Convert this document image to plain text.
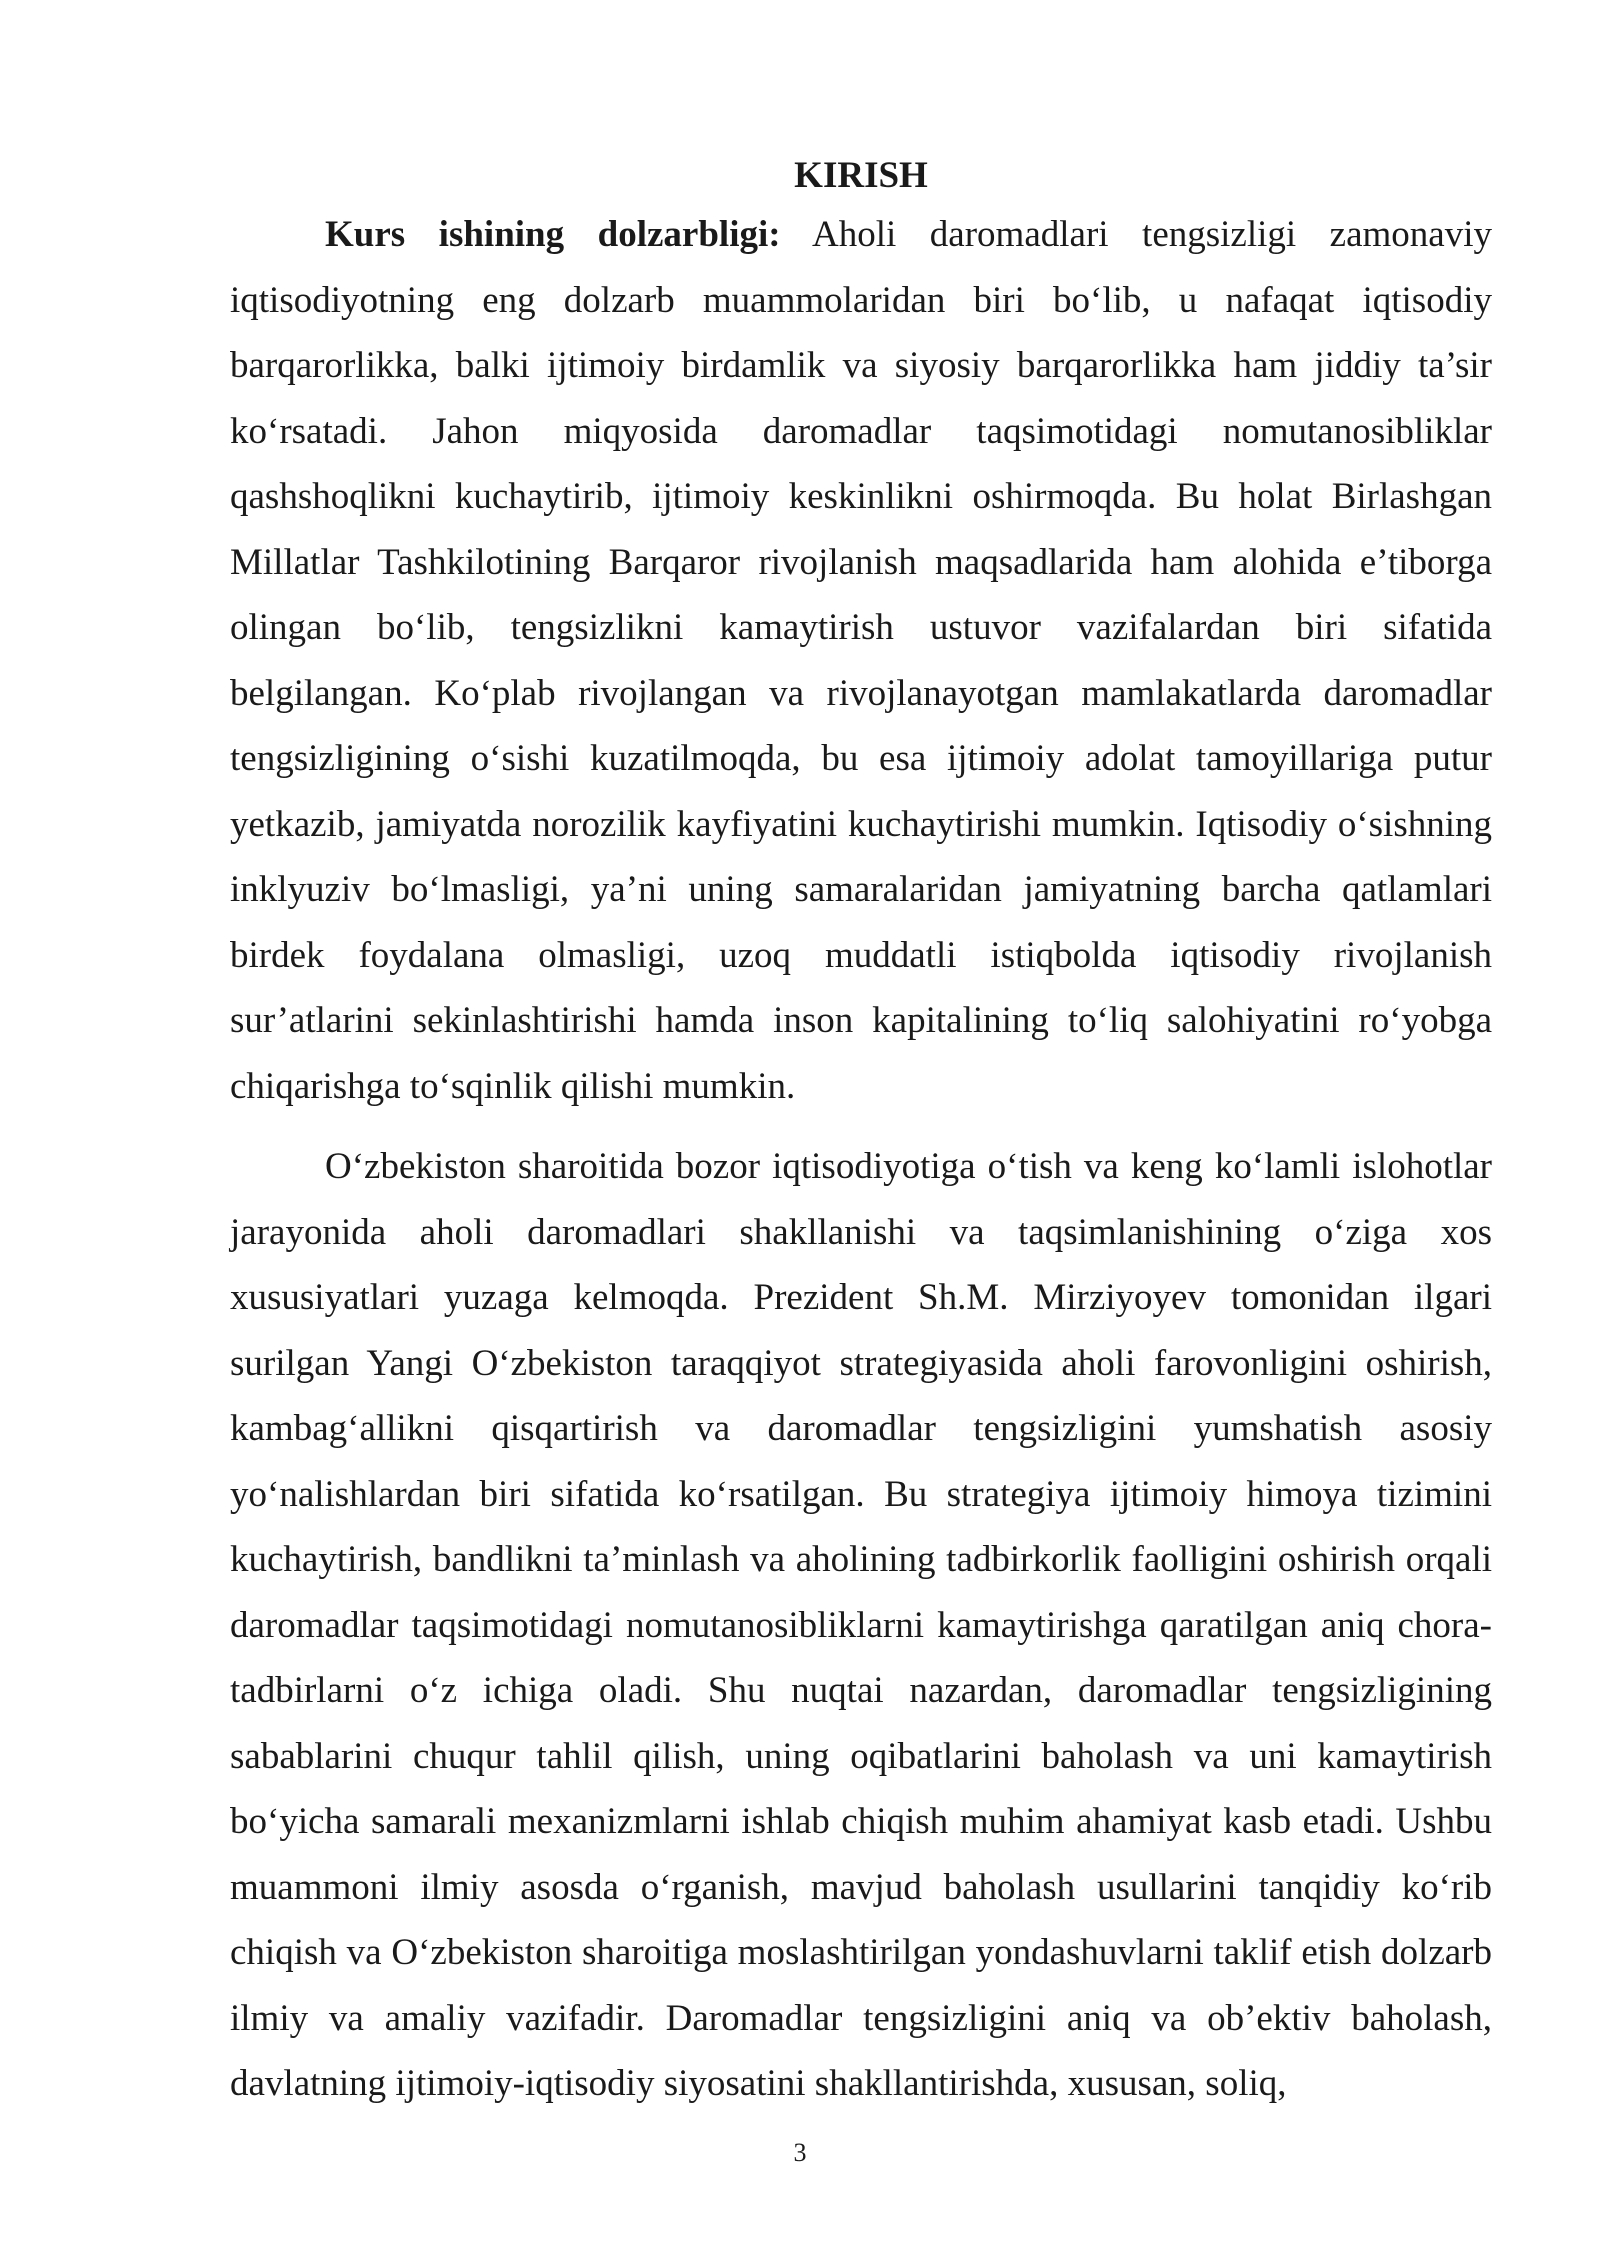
KIRISH

Kurs ishining dolzarbligi: Aholi daromadlari tengsizligi zamonaviy iqtisodiyotning eng dolzarb muammolaridan biri bo‘lib, u nafaqat iqtisodiy barqarorlikka, balki ijtimoiy birdamlik va siyosiy barqarorlikka ham jiddiy ta’sir ko‘rsatadi. Jahon miqyosida daromadlar taqsimotidagi nomutanosibliklar qashshoqlikni kuchaytirib, ijtimoiy keskinlikni oshirmoqda. Bu holat Birlashgan Millatlar Tashkilotining Barqaror rivojlanish maqsadlarida ham alohida e’tiborga olingan bo‘lib, tengsizlikni kamaytirish ustuvor vazifalardan biri sifatida belgilangan. Ko‘plab rivojlangan va rivojlanayotgan mamlakatlarda daromadlar tengsizligining o‘sishi kuzatilmoqda, bu esa ijtimoiy adolat tamoyillariga putur yetkazib, jamiyatda norozilik kayfiyatini kuchaytirishi mumkin. Iqtisodiy o‘sishning inklyuziv bo‘lmasligi, ya’ni uning samaralaridan jamiyatning barcha qatlamlari birdek foydalana olmasligi, uzoq muddatli istiqbolda iqtisodiy rivojlanish sur’atlarini sekinlashtirishi hamda inson kapitalining to‘liq salohiyatini ro‘yobga chiqarishga to‘sqinlik qilishi mumkin.

O‘zbekiston sharoitida bozor iqtisodiyotiga o‘tish va keng ko‘lamli islohotlar jarayonida aholi daromadlari shakllanishi va taqsimlanishining o‘ziga xos xususiyatlari yuzaga kelmoqda. Prezident Sh.M. Mirziyoyev tomonidan ilgari surilgan Yangi O‘zbekiston taraqqiyot strategiyasida aholi farovonligini oshirish, kambag‘allikni qisqartirish va daromadlar tengsizligini yumshatish asosiy yo‘nalishlardan biri sifatida ko‘rsatilgan. Bu strategiya ijtimoiy himoya tizimini kuchaytirish, bandlikni ta’minlash va aholining tadbirkorlik faolligini oshirish orqali daromadlar taqsimotidagi nomutanosibliklarni kamaytirishga qaratilgan aniq chora-tadbirlarni o‘z ichiga oladi. Shu nuqtai nazardan, daromadlar tengsizligining sabablarini chuqur tahlil qilish, uning oqibatlarini baholash va uni kamaytirish bo‘yicha samarali mexanizmlarni ishlab chiqish muhim ahamiyat kasb etadi. Ushbu muammoni ilmiy asosda o‘rganish, mavjud baholash usullarini tanqidiy ko‘rib chiqish va O‘zbekiston sharoitiga moslashtirilgan yondashuvlarni taklif etish dolzarb ilmiy va amaliy vazifadir. Daromadlar tengsizligini aniq va ob’ektiv baholash, davlatning ijtimoiy-iqtisodiy siyosatini shakllantirishda, xususan, soliq,

3
